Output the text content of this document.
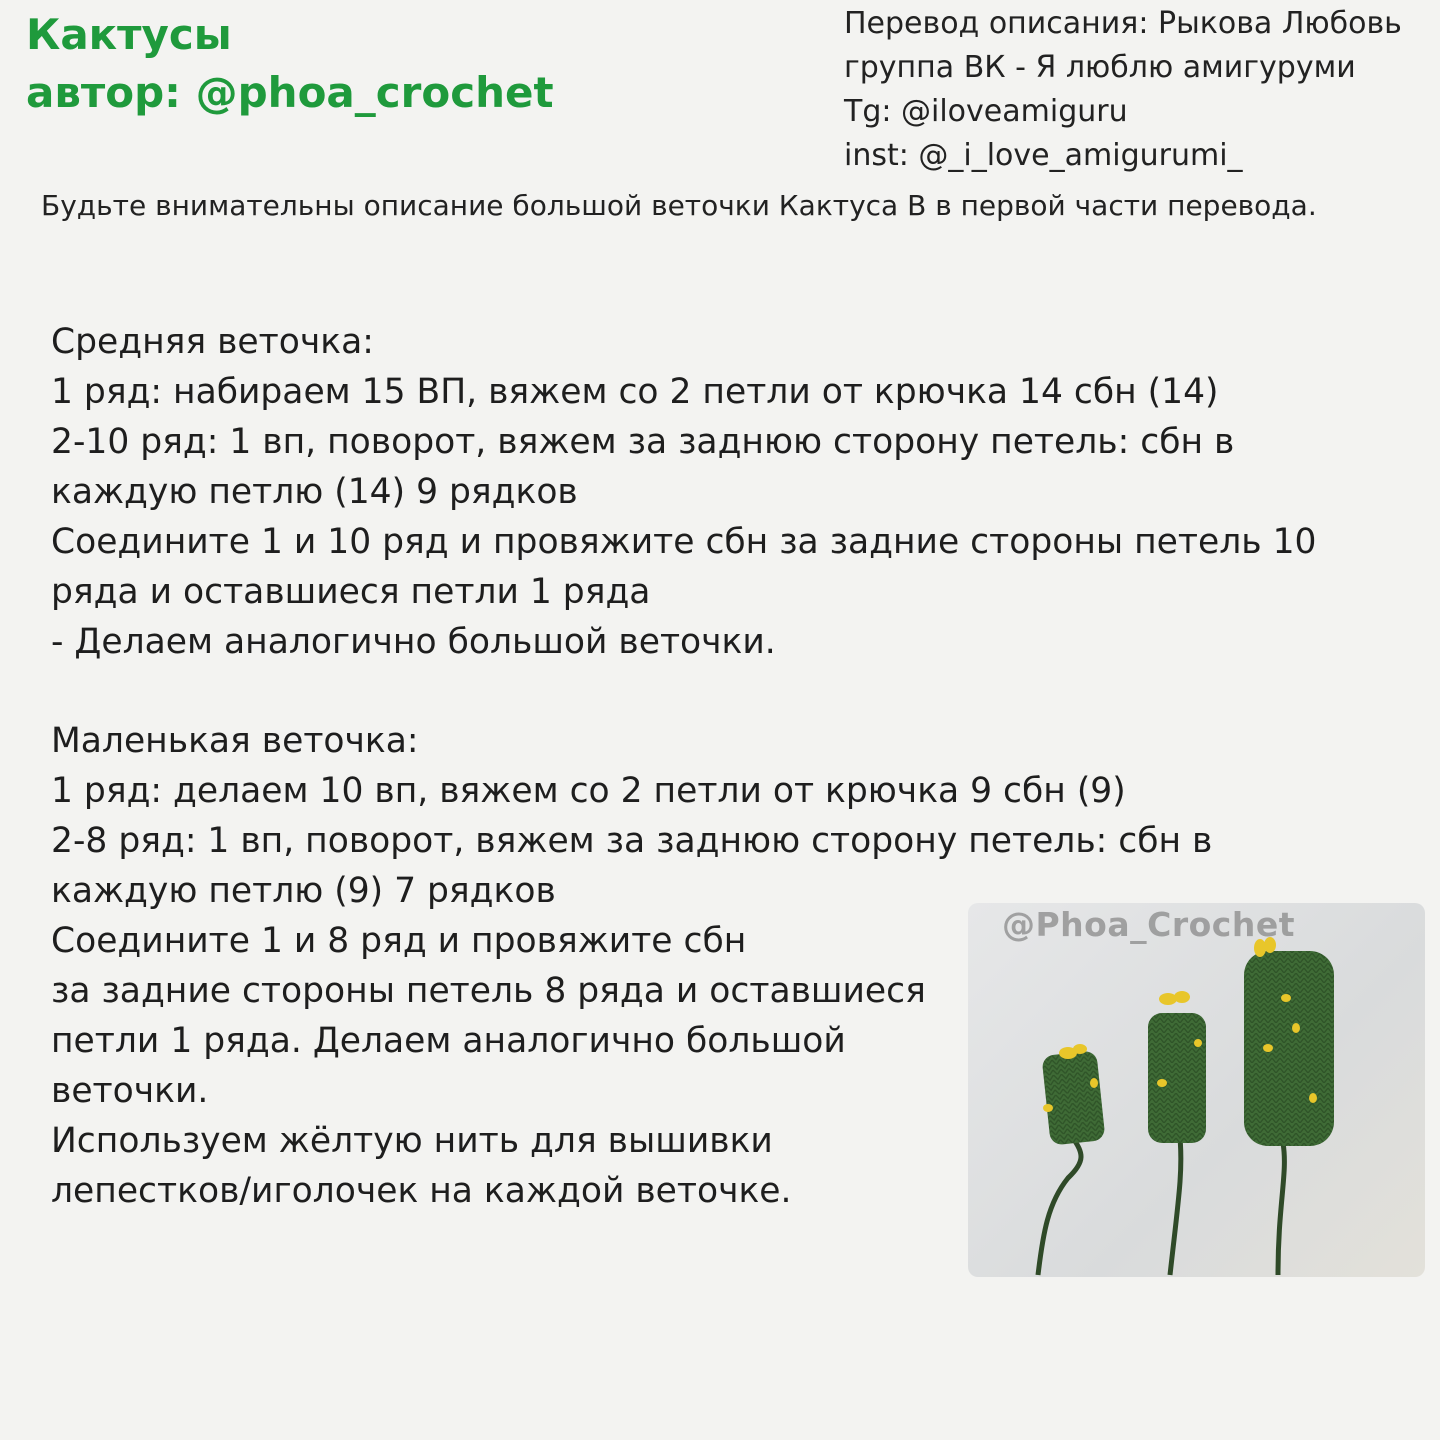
Кактусы
автор: @phoa_crochet
Перевод описания: Рыкова Любовь
группа ВК - Я люблю амигуруми
Tg: @iloveamiguru
inst: @_i_love_amigurumi_
Будьте внимательны описание большой веточки Кактуса В в первой части перевода.

Средняя веточка:

1 ряд: набираем 15 ВП, вяжем со 2 петли от крючка 14 сбн (14)

2-10 ряд: 1 вп, поворот, вяжем за заднюю сторону петель: сбн в каждую петлю (14) 9 рядков

Соедините 1 и 10 ряд и провяжите сбн за задние стороны петель 10 ряда и оставшиеся петли 1 ряда

- Делаем аналогично большой веточки.

Маленькая веточка:

1 ряд: делаем 10 вп, вяжем со 2 петли от крючка 9 сбн (9)

2-8 ряд: 1 вп, поворот, вяжем за заднюю сторону петель: сбн в каждую петлю (9) 7 рядков

Соедините 1 и 8 ряд и провяжите сбн

за задние стороны петель 8 ряда и оставшиеся петли 1 ряда. Делаем аналогично большой веточки.

Используем жёлтую нить для вышивки лепестков/иголочек на каждой веточке.

@Phoa_Crochet
